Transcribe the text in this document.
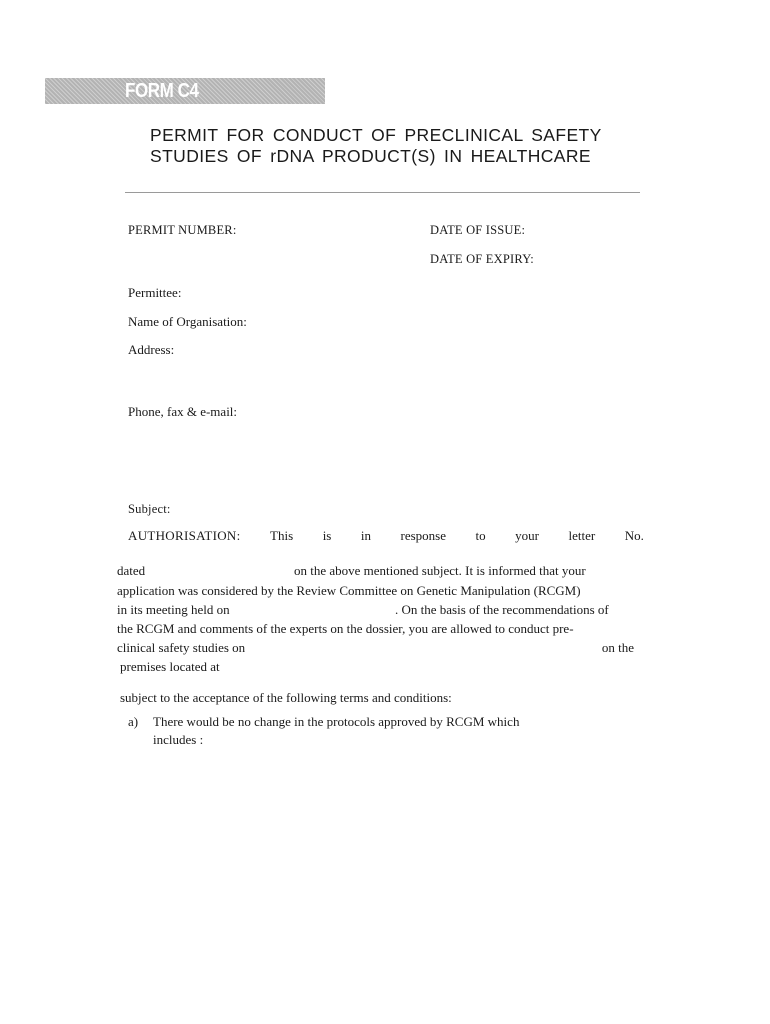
FORM C4
PERMIT FOR CONDUCT OF PRECLINICAL SAFETY
STUDIES OF rDNA PRODUCT(S) IN HEALTHCARE
PERMIT NUMBER:	DATE OF ISSUE:
DATE OF EXPIRY:
Permittee:
Name of Organisation:
Address:
Phone, fax & e-mail:
Subject:
AUTHORISATION: This is in response to your letter No.
dated	on the above mentioned subject. It is informed that your
application was considered by the Review Committee on Genetic Manipulation (RCGM)
in its meeting held on	. On the basis of the recommendations of
the RCGM and comments of the experts on the dossier, you are allowed to conduct pre-
clinical safety studies on	on the
premises located at
subject to the acceptance of the following terms and conditions:
a) There would be no change in the protocols approved by RCGM which
includes :
